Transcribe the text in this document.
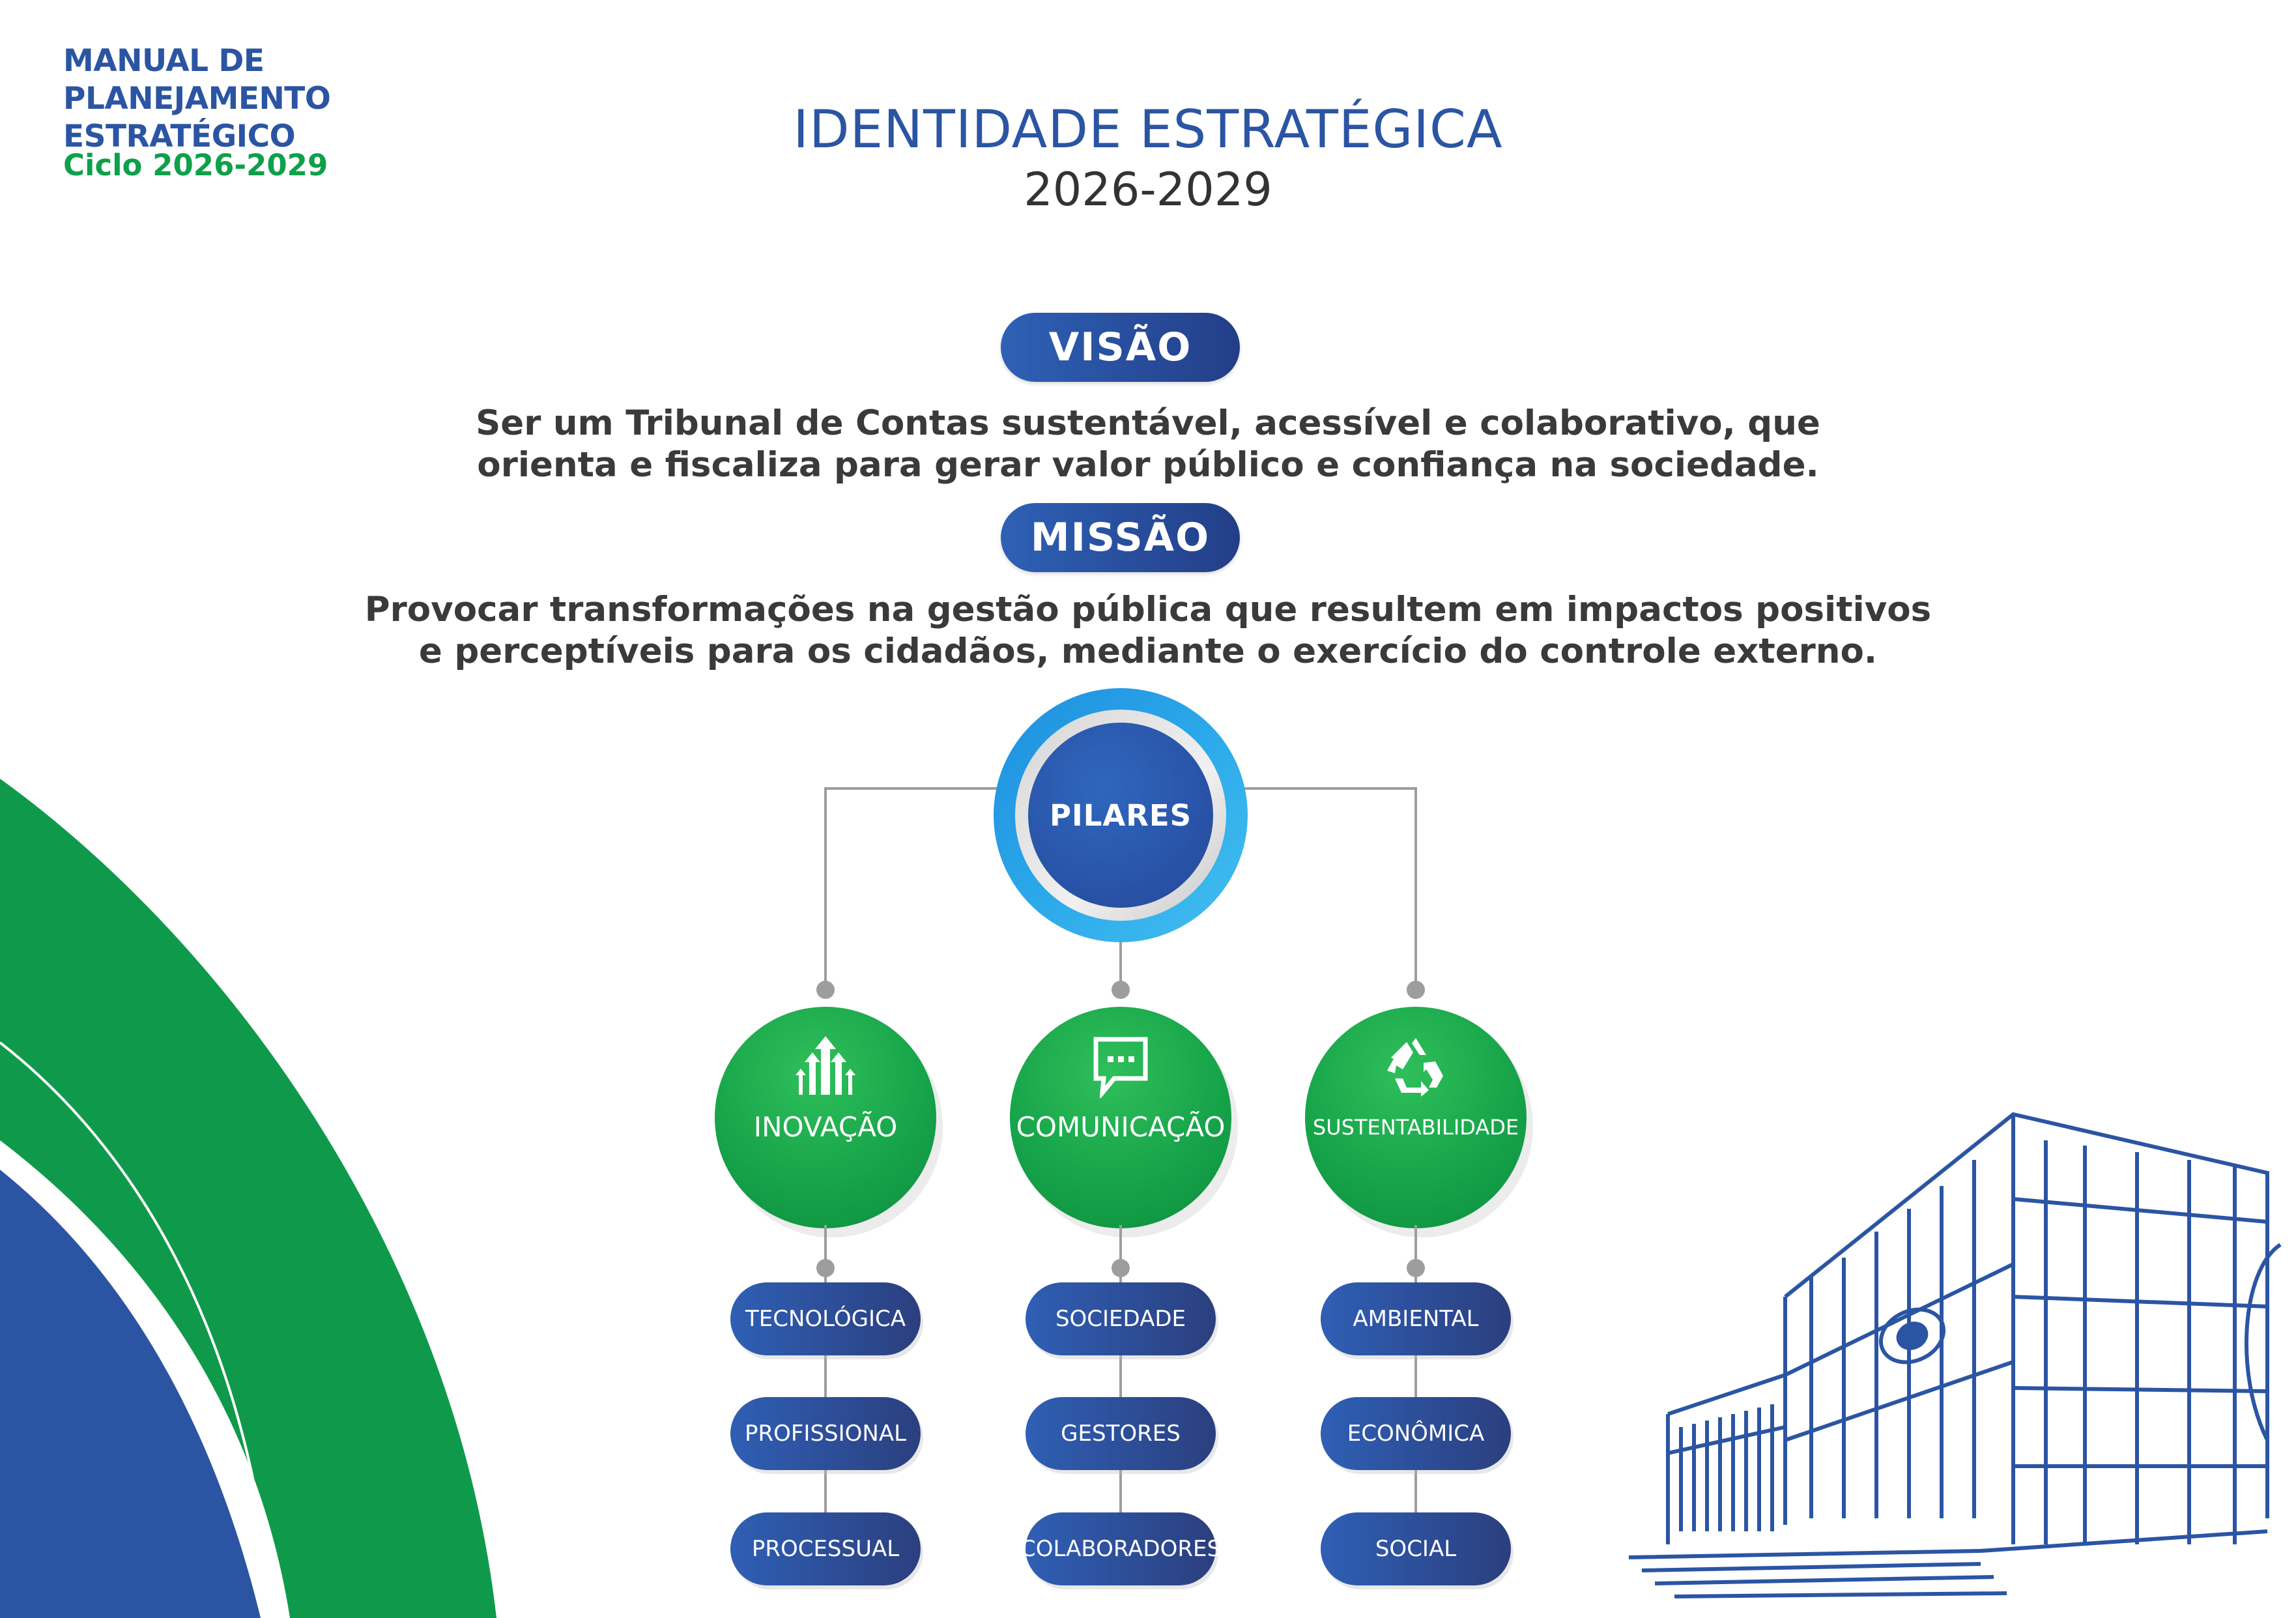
MANUAL DE
PLANEJAMENTO
ESTRATÉGICO
Ciclo 2026-2029
IDENTIDADE ESTRATÉGICA
2026-2029
VISÃO
Ser um Tribunal de Contas sustentável, acessível e colaborativo, que
orienta e fiscaliza para gerar valor público e confiança na sociedade.
MISSÃO
Provocar transformações na gestão pública que resultem em impactos positivos
e perceptíveis para os cidadãos, mediante o exercício do controle externo.
PILARES
INOVAÇÃO	COMUNICAÇÃO	SUSTENTABILIDADE
TECNOLÓGICA
PROFISSIONAL
PROCESSUAL
SOCIEDADE
GESTORES
COLABORADORES
AMBIENTAL
ECONÔMICA
SOCIAL
